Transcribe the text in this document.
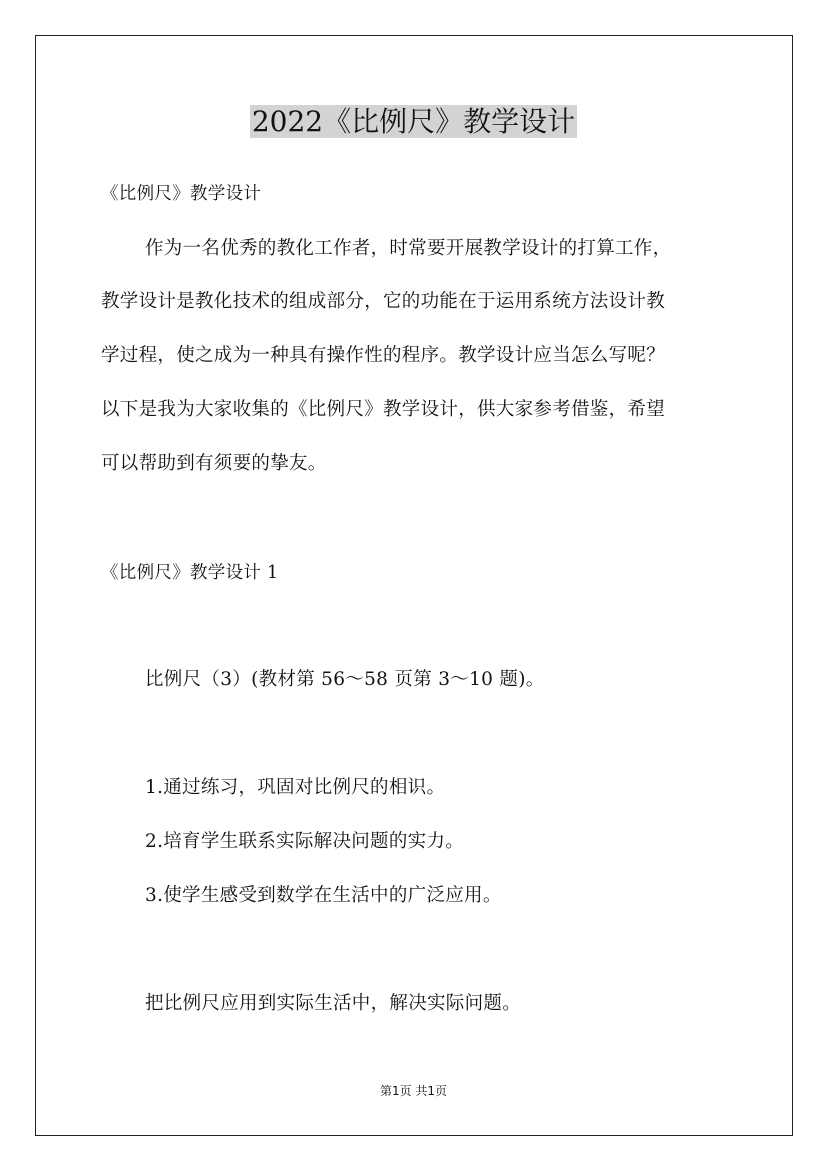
2022《比例尺》教学设计
《比例尺》教学设计
作为一名优秀的教化工作者，时常要开展教学设计的打算工作，
教学设计是教化技术的组成部分，它的功能在于运用系统方法设计教
学过程，使之成为一种具有操作性的程序。教学设计应当怎么写呢？
以下是我为大家收集的《比例尺》教学设计，供大家参考借鉴，希望
可以帮助到有须要的挚友。
《比例尺》教学设计 1
比例尺（3）(教材第 56～58 页第 3～10 题)。
1.通过练习，巩固对比例尺的相识。
2.培育学生联系实际解决问题的实力。
3.使学生感受到数学在生活中的广泛应用。
把比例尺应用到实际生活中，解决实际问题。
第1页 共1页
